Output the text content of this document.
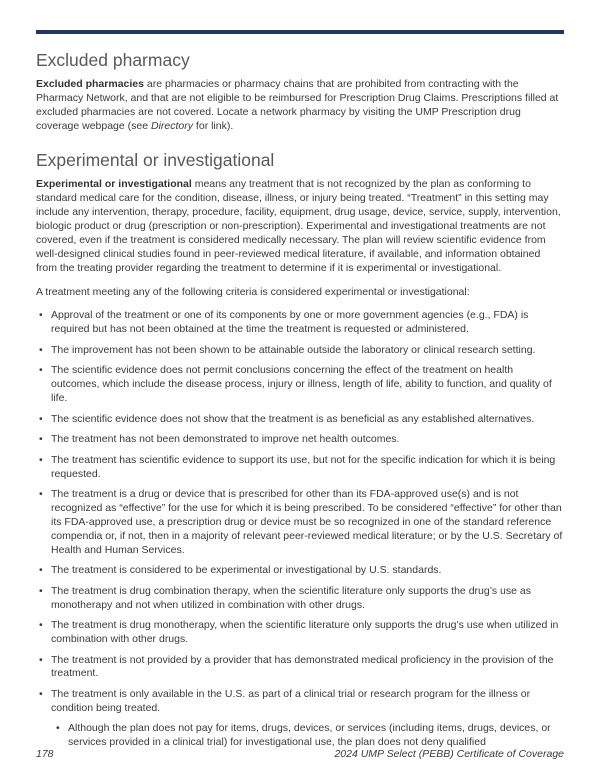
Excluded pharmacy

Excluded pharmacies are pharmacies or pharmacy chains that are prohibited from contracting with the Pharmacy Network, and that are not eligible to be reimbursed for Prescription Drug Claims. Prescriptions filled at excluded pharmacies are not covered. Locate a network pharmacy by visiting the UMP Prescription drug coverage webpage (see Directory for link).

Experimental or investigational

Experimental or investigational means any treatment that is not recognized by the plan as conforming to standard medical care for the condition, disease, illness, or injury being treated. “Treatment” in this setting may include any intervention, therapy, procedure, facility, equipment, drug usage, device, service, supply, intervention, biologic product or drug (prescription or non-prescription). Experimental and investigational treatments are not covered, even if the treatment is considered medically necessary. The plan will review scientific evidence from well-designed clinical studies found in peer-reviewed medical literature, if available, and information obtained from the treating provider regarding the treatment to determine if it is experimental or investigational.

A treatment meeting any of the following criteria is considered experimental or investigational:

• Approval of the treatment or one of its components by one or more government agencies (e.g., FDA) is required but has not been obtained at the time the treatment is requested or administered.
• The improvement has not been shown to be attainable outside the laboratory or clinical research setting.
• The scientific evidence does not permit conclusions concerning the effect of the treatment on health outcomes, which include the disease process, injury or illness, length of life, ability to function, and quality of life.
• The scientific evidence does not show that the treatment is as beneficial as any established alternatives.
• The treatment has not been demonstrated to improve net health outcomes.
• The treatment has scientific evidence to support its use, but not for the specific indication for which it is being requested.
• The treatment is a drug or device that is prescribed for other than its FDA-approved use(s) and is not recognized as “effective” for the use for which it is being prescribed. To be considered “effective” for other than its FDA-approved use, a prescription drug or device must be so recognized in one of the standard reference compendia or, if not, then in a majority of relevant peer-reviewed medical literature; or by the U.S. Secretary of Health and Human Services.
• The treatment is considered to be experimental or investigational by U.S. standards.
• The treatment is drug combination therapy, when the scientific literature only supports the drug’s use as monotherapy and not when utilized in combination with other drugs.
• The treatment is drug monotherapy, when the scientific literature only supports the drug’s use when utilized in combination with other drugs.
• The treatment is not provided by a provider that has demonstrated medical proficiency in the provision of the treatment.
• The treatment is only available in the U.S. as part of a clinical trial or research program for the illness or condition being treated.
• Although the plan does not pay for items, drugs, devices, or services (including items, drugs, devices, or services provided in a clinical trial) for investigational use, the plan does not deny qualified
178	2024 UMP Select (PEBB) Certificate of Coverage
